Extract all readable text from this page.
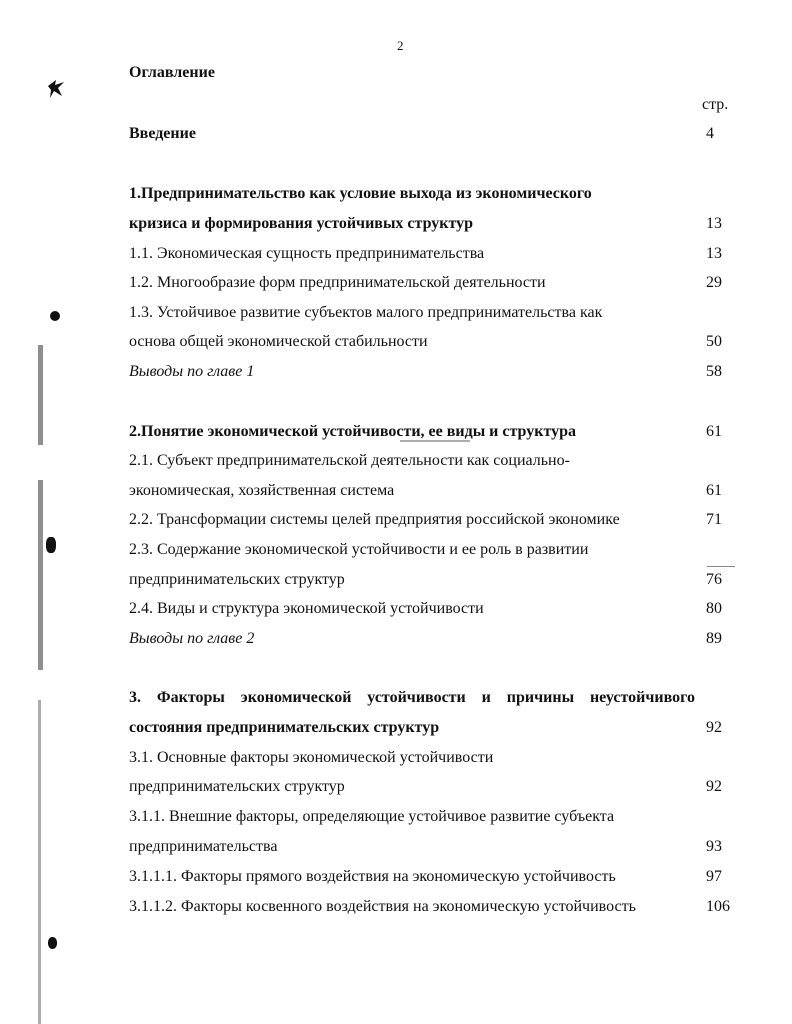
2
Оглавление
стр.
Введение	4
1.Предпринимательство как условие выхода из экономического
кризиса и формирования устойчивых структур	13
1.1. Экономическая сущность предпринимательства	13
1.2. Многообразие форм предпринимательской деятельности	29
1.3. Устойчивое развитие субъектов малого предпринимательства как
основа общей экономической стабильности	50
Выводы по главе 1	58
2.Понятие экономической устойчивости, ее виды и структура	61
2.1. Субъект предпринимательской деятельности как социально-
экономическая, хозяйственная система	61
2.2. Трансформации системы целей предприятия российской экономике	71
2.3. Содержание экономической устойчивости и ее роль в развитии
предпринимательских структур	76
2.4. Виды и структура экономической устойчивости	80
Выводы по главе 2	89
3. Факторы экономической устойчивости и причины неустойчивого
состояния предпринимательских структур	92
3.1. Основные факторы экономической устойчивости
предпринимательских структур	92
3.1.1. Внешние факторы, определяющие устойчивое развитие субъекта
предпринимательства	93
3.1.1.1. Факторы прямого воздействия на экономическую устойчивость	97
3.1.1.2. Факторы косвенного воздействия на экономическую устойчивость	106
